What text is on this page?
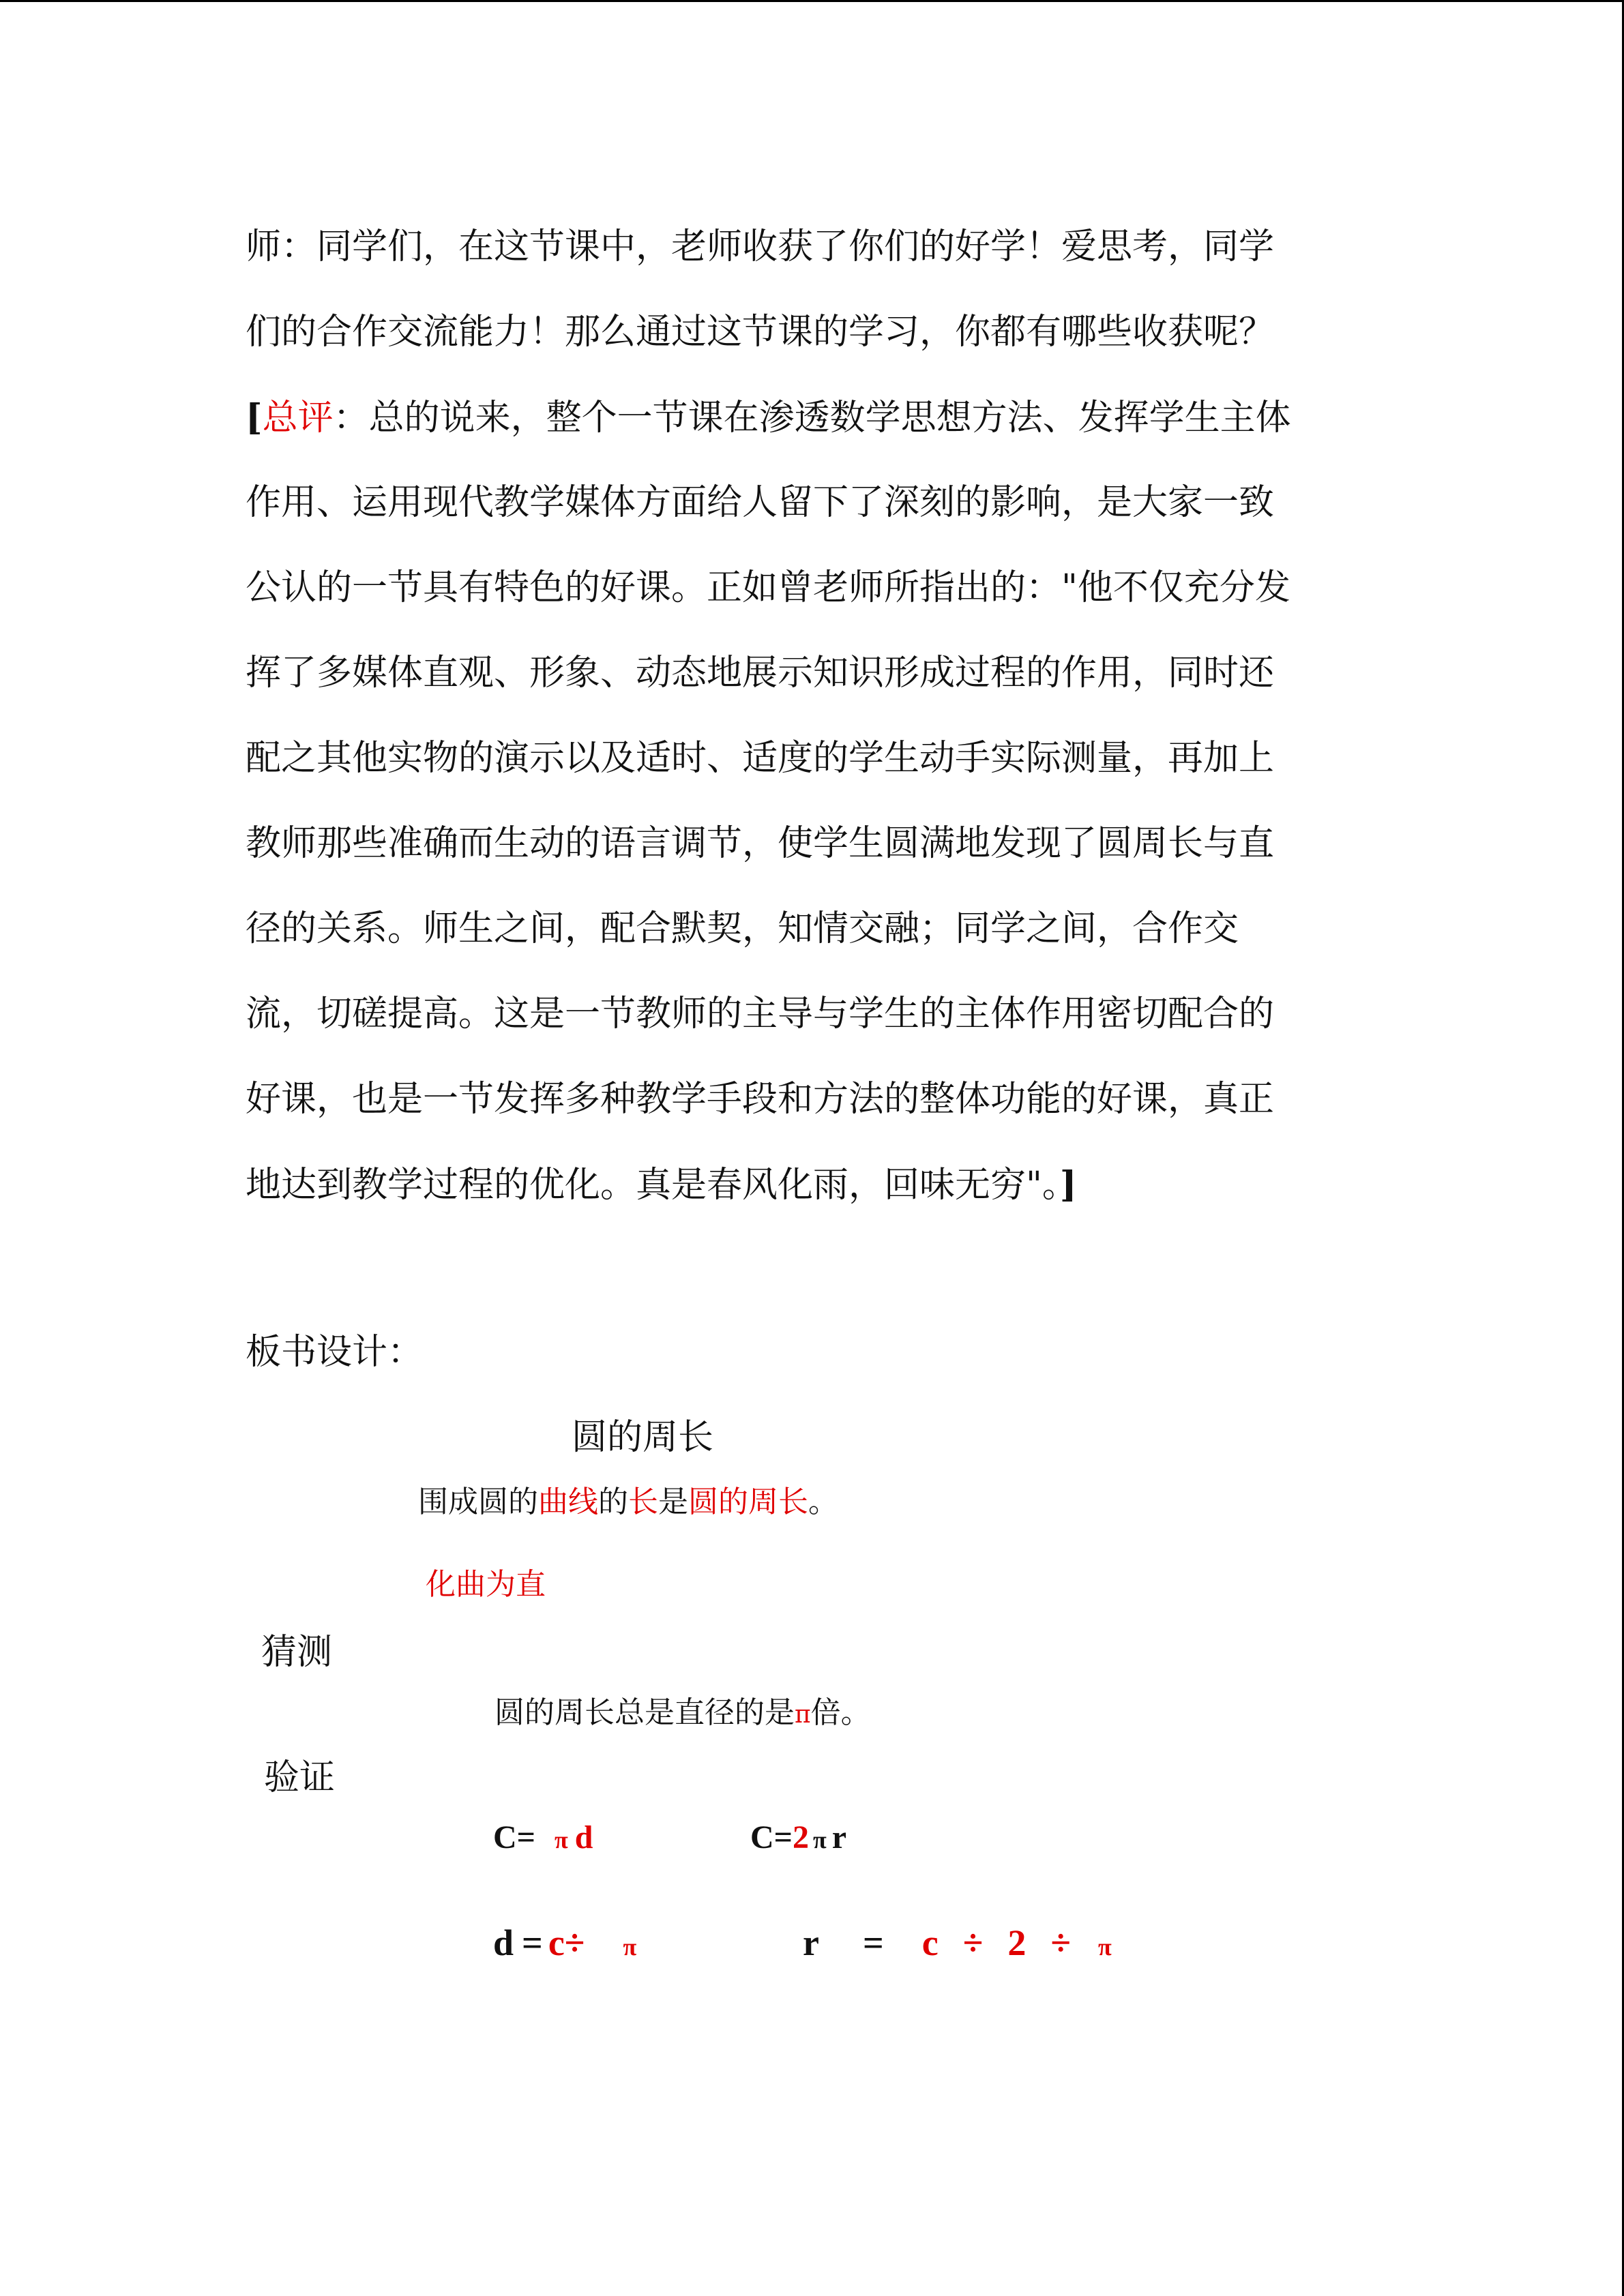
师：同学们，在这节课中，老师收获了你们的好学！爱思考，同学
们的合作交流能力！那么通过这节课的学习，你都有哪些收获呢？
[总评：总的说来，整个一节课在渗透数学思想方法、发挥学生主体
作用、运用现代教学媒体方面给人留下了深刻的影响，是大家一致
公认的一节具有特色的好课。正如曾老师所指出的："他不仅充分发
挥了多媒体直观、形象、动态地展示知识形成过程的作用，同时还
配之其他实物的演示以及适时、适度的学生动手实际测量，再加上
教师那些准确而生动的语言调节，使学生圆满地发现了圆周长与直
径的关系。师生之间，配合默契，知情交融；同学之间，合作交
流，切磋提高。这是一节教师的主导与学生的主体作用密切配合的
好课，也是一节发挥多种教学手段和方法的整体功能的好课，真正
地达到教学过程的优化。真是春风化雨，回味无穷"。]
板书设计：
圆的周长
围成圆的曲线的长是圆的周长。
化曲为直
猜测
圆的周长总是直径的是π倍。
验证
C= π d	C=2 π r
d = c÷ π	r = c ÷ 2 ÷ π
